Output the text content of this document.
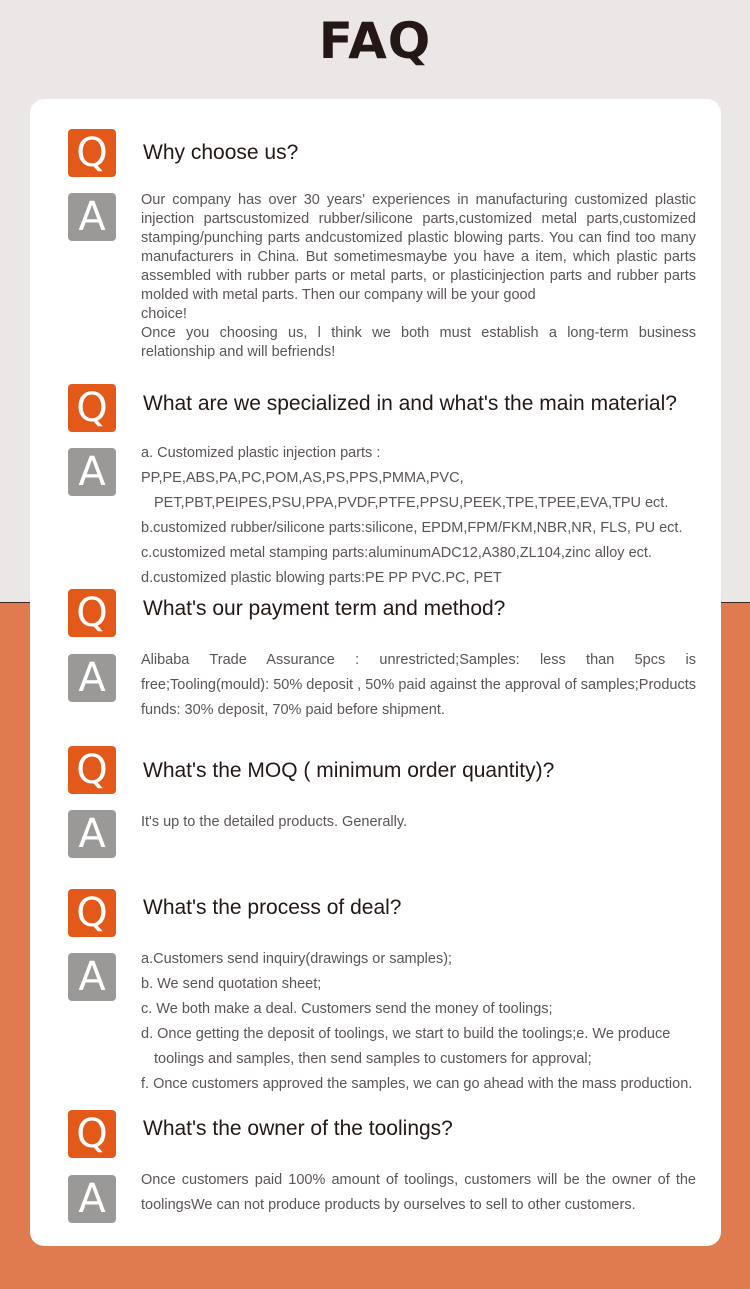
FAQ
Q	Why choose us?
A	Our company has over 30 years' experiences in manufacturing customized plastic injection partscustomized rubber/silicone parts,customized metal parts,customized stamping/punching parts andcustomized plastic blowing parts. You can find too many manufacturers in China. But sometimesmaybe you have a item, which plastic parts assembled with rubber parts or metal parts, or plasticinjection parts and rubber parts molded with metal parts. Then our company will be your good

choice!

Once you choosing us, l think we both must establish a long-term business relationship and will befriends!

Q	What are we specialized in and what's the main material?
A	a. Customized plastic injection parts : PP,PE,ABS,PA,PC,POM,AS,PS,PPS,PMMA,PVC,

PET,PBT,PEIPES,PSU,PPA,PVDF,PTFE,PPSU,PEEK,TPE,TPEE,EVA,TPU ect.

b.customized rubber/silicone parts:silicone, EPDM,FPM/FKM,NBR,NR, FLS, PU ect.

c.customized metal stamping parts:aluminumADC12,A380,ZL104,zinc alloy ect.

d.customized plastic blowing parts:PE PP PVC.PC, PET

Q	What's our payment term and method?
A	Alibaba Trade Assurance : unrestricted;Samples: less than 5pcs is free;Tooling(mould): 50% deposit , 50% paid against the approval of samples;Products funds: 30% deposit, 70% paid before shipment.

Q	What's the MOQ ( minimum order quantity)?
A	It's up to the detailed products. Generally.

Q	What's the process of deal?
A	a.Customers send inquiry(drawings or samples);

b. We send quotation sheet;

c. We both make a deal. Customers send the money of toolings;

d. Once getting the deposit of toolings, we start to build the toolings;e. We produce

toolings and samples, then send samples to customers for approval;

f. Once customers approved the samples, we can go ahead with the mass production.

Q	What's the owner of the toolings?
A	Once customers paid 100% amount of toolings, customers will be the owner of the toolingsWe can not produce products by ourselves to sell to other customers.
